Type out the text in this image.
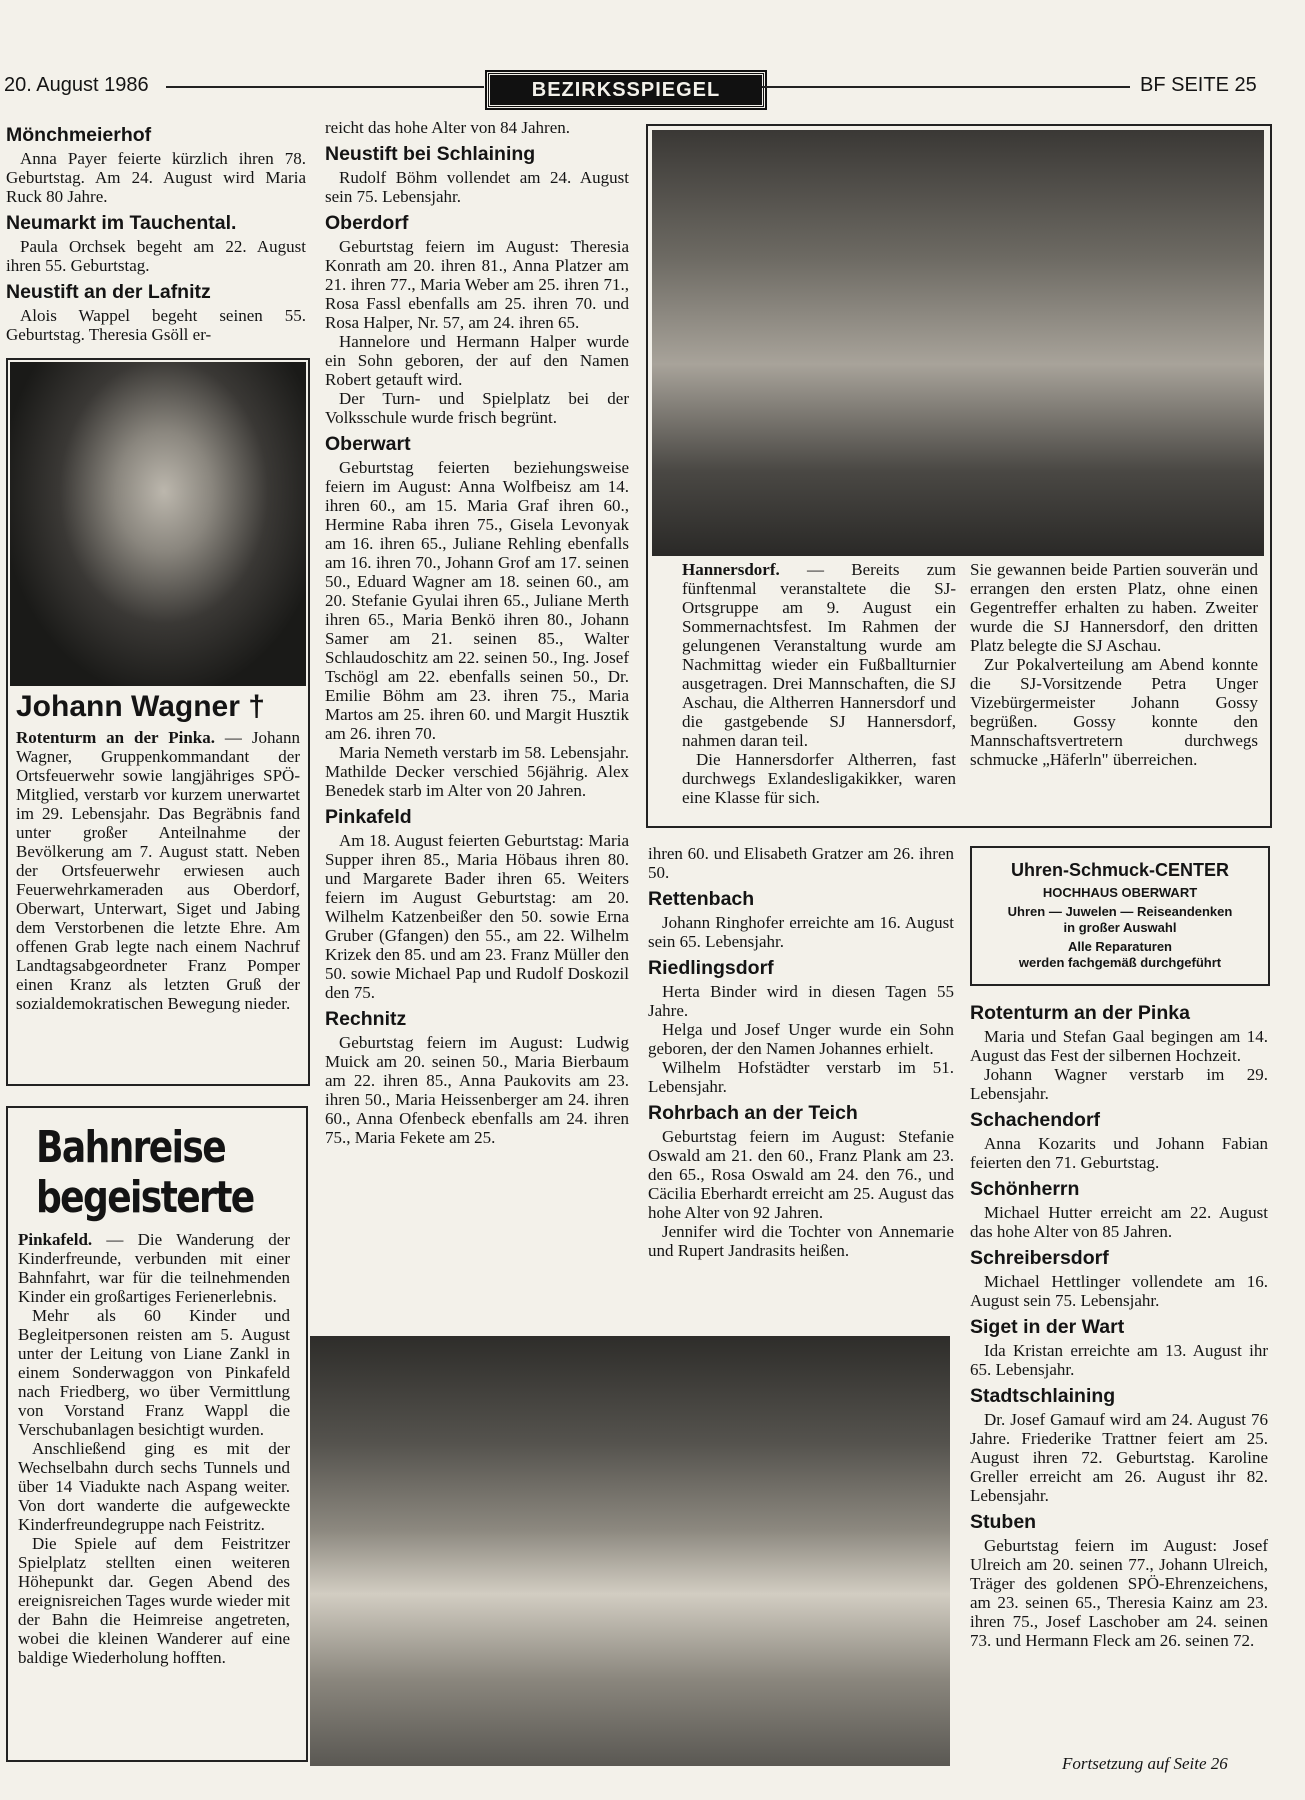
20. August 1986	BEZIRKSSPIEGEL	BF SEITE 25
Mönchmeierhof

Anna Payer feierte kürzlich ihren 78. Geburtstag. Am 24. August wird Maria Ruck 80 Jahre.

Neumarkt im Tauchental.

Paula Orchsek begeht am 22. August ihren 55. Geburtstag.

Neustift an der Lafnitz

Alois Wappel begeht seinen 55. Geburtstag. Theresia Gsöll er-

Johann Wagner †

Rotenturm an der Pinka. — Johann Wagner, Gruppenkommandant der Ortsfeuerwehr sowie langjähriges SPÖ-Mitglied, verstarb vor kurzem unerwartet im 29. Lebensjahr. Das Begräbnis fand unter großer Anteilnahme der Bevölkerung am 7. August statt. Neben der Ortsfeuerwehr erwiesen auch Feuerwehrkameraden aus Oberdorf, Oberwart, Unterwart, Siget und Jabing dem Verstorbenen die letzte Ehre. Am offenen Grab legte nach einem Nachruf Landtagsabgeordneter Franz Pomper einen Kranz als letzten Gruß der sozialdemokratischen Bewegung nieder.

Bahnreise
begeisterte

Pinkafeld. — Die Wanderung der Kinderfreunde, verbunden mit einer Bahnfahrt, war für die teilnehmenden Kinder ein großartiges Ferienerlebnis.

Mehr als 60 Kinder und Begleitpersonen reisten am 5. August unter der Leitung von Liane Zankl in einem Sonderwaggon von Pinkafeld nach Friedberg, wo über Vermittlung von Vorstand Franz Wappl die Verschubanlagen besichtigt wurden.

Anschließend ging es mit der Wechselbahn durch sechs Tunnels und über 14 Viadukte nach Aspang weiter. Von dort wanderte die aufgeweckte Kinderfreundegruppe nach Feistritz.

Die Spiele auf dem Feistritzer Spielplatz stellten einen weiteren Höhepunkt dar. Gegen Abend des ereignisreichen Tages wurde wieder mit der Bahn die Heimreise angetreten, wobei die kleinen Wanderer auf eine baldige Wiederholung hofften.

reicht das hohe Alter von 84 Jahren.

Neustift bei Schlaining

Rudolf Böhm vollendet am 24. August sein 75. Lebensjahr.

Oberdorf

Geburtstag feiern im August: Theresia Konrath am 20. ihren 81., Anna Platzer am 21. ihren 77., Maria Weber am 25. ihren 71., Rosa Fassl ebenfalls am 25. ihren 70. und Rosa Halper, Nr. 57, am 24. ihren 65.

Hannelore und Hermann Halper wurde ein Sohn geboren, der auf den Namen Robert getauft wird.

Der Turn- und Spielplatz bei der Volksschule wurde frisch begrünt.

Oberwart

Geburtstag feierten beziehungsweise feiern im August: Anna Wolfbeisz am 14. ihren 60., am 15. Maria Graf ihren 60., Hermine Raba ihren 75., Gisela Levonyak am 16. ihren 65., Juliane Rehling ebenfalls am 16. ihren 70., Johann Grof am 17. seinen 50., Eduard Wagner am 18. seinen 60., am 20. Stefanie Gyulai ihren 65., Juliane Merth ihren 65., Maria Benkö ihren 80., Johann Samer am 21. seinen 85., Walter Schlaudoschitz am 22. seinen 50., Ing. Josef Tschögl am 22. ebenfalls seinen 50., Dr. Emilie Böhm am 23. ihren 75., Maria Martos am 25. ihren 60. und Margit Husztik am 26. ihren 70.

Maria Nemeth verstarb im 58. Lebensjahr. Mathilde Decker verschied 56jährig. Alex Benedek starb im Alter von 20 Jahren.

Pinkafeld

Am 18. August feierten Geburtstag: Maria Supper ihren 85., Maria Höbaus ihren 80. und Margarete Bader ihren 65. Weiters feiern im August Geburtstag: am 20. Wilhelm Katzenbeißer den 50. sowie Erna Gruber (Gfangen) den 55., am 22. Wilhelm Krizek den 85. und am 23. Franz Müller den 50. sowie Michael Pap und Rudolf Doskozil den 75.

Rechnitz

Geburtstag feiern im August: Ludwig Muick am 20. seinen 50., Maria Bierbaum am 22. ihren 85., Anna Paukovits am 23. ihren 50., Maria Heissenberger am 24. ihren 60., Anna Ofenbeck ebenfalls am 24. ihren 75., Maria Fekete am 25.

Hannersdorf. — Bereits zum fünftenmal veranstaltete die SJ-Ortsgruppe am 9. August ein Sommernachtsfest. Im Rahmen der gelungenen Veranstaltung wurde am Nachmittag wieder ein Fußballturnier ausgetragen. Drei Mannschaften, die SJ Aschau, die Altherren Hannersdorf und die gastgebende SJ Hannersdorf, nahmen daran teil.

Die Hannersdorfer Altherren, fast durchwegs Exlandesligakikker, waren eine Klasse für sich.

Sie gewannen beide Partien souverän und errangen den ersten Platz, ohne einen Gegentreffer erhalten zu haben. Zweiter wurde die SJ Hannersdorf, den dritten Platz belegte die SJ Aschau.

Zur Pokalverteilung am Abend konnte die SJ-Vorsitzende Petra Unger Vizebürgermeister Johann Gossy begrüßen. Gossy konnte den Mannschaftsvertretern durchwegs schmucke „Häferln" überreichen.

ihren 60. und Elisabeth Gratzer am 26. ihren 50.

Rettenbach

Johann Ringhofer erreichte am 16. August sein 65. Lebensjahr.

Riedlingsdorf

Herta Binder wird in diesen Tagen 55 Jahre.

Helga und Josef Unger wurde ein Sohn geboren, der den Namen Johannes erhielt.

Wilhelm Hofstädter verstarb im 51. Lebensjahr.

Rohrbach an der Teich

Geburtstag feiern im August: Stefanie Oswald am 21. den 60., Franz Plank am 23. den 65., Rosa Oswald am 24. den 76., und Cäcilia Eberhardt erreicht am 25. August das hohe Alter von 92 Jahren.

Jennifer wird die Tochter von Annemarie und Rupert Jandrasits heißen.

Uhren-Schmuck-CENTER
HOCHHAUS OBERWART
Uhren — Juwelen — Reiseandenken
in großer Auswahl
Alle Reparaturen
werden fachgemäß durchgeführt
Rotenturm an der Pinka

Maria und Stefan Gaal begingen am 14. August das Fest der silbernen Hochzeit.

Johann Wagner verstarb im 29. Lebensjahr.

Schachendorf

Anna Kozarits und Johann Fabian feierten den 71. Geburtstag.

Schönherrn

Michael Hutter erreicht am 22. August das hohe Alter von 85 Jahren.

Schreibersdorf

Michael Hettlinger vollendete am 16. August sein 75. Lebensjahr.

Siget in der Wart

Ida Kristan erreichte am 13. August ihr 65. Lebensjahr.

Stadtschlaining

Dr. Josef Gamauf wird am 24. August 76 Jahre. Friederike Trattner feiert am 25. August ihren 72. Geburtstag. Karoline Greller erreicht am 26. August ihr 82. Lebensjahr.

Stuben

Geburtstag feiern im August: Josef Ulreich am 20. seinen 77., Johann Ulreich, Träger des goldenen SPÖ-Ehrenzeichens, am 23. seinen 65., Theresia Kainz am 23. ihren 75., Josef Laschober am 24. seinen 73. und Hermann Fleck am 26. seinen 72.

Fortsetzung auf Seite 26
